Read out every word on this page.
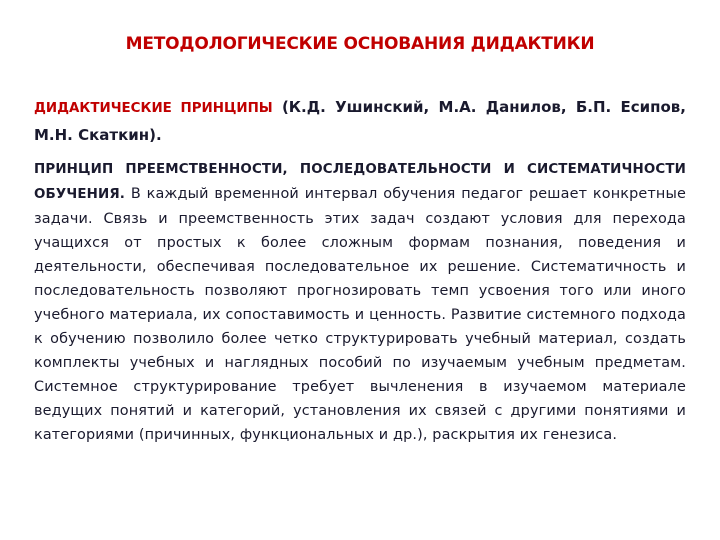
МЕТОДОЛОГИЧЕСКИЕ ОСНОВАНИЯ ДИДАКТИКИ

ДИДАКТИЧЕСКИЕ ПРИНЦИПЫ (К.Д. Ушинский, М.А. Данилов, Б.П. Есипов, М.Н. Скаткин).

ПРИНЦИП ПРЕЕМСТВЕННОСТИ, ПОСЛЕДОВАТЕЛЬНОСТИ И СИСТЕМАТИЧНОСТИ ОБУЧЕНИЯ. В каждый временной интервал обучения педагог решает конкретные задачи. Связь и преемственность этих задач создают условия для перехода учащихся от простых к более сложным формам познания, поведения и деятельности, обеспечивая последовательное их решение. Систематичность и последовательность позволяют прогнозировать темп усвоения того или иного учебного материала, их сопоставимость и ценность. Развитие системного подхода к обучению позволило более четко структурировать учебный материал, создать комплекты учебных и наглядных пособий по изучаемым учебным предметам. Системное структурирование требует вычленения в изучаемом материале ведущих понятий и категорий, установления их связей с другими понятиями и категориями (причинных, функциональных и др.), раскрытия их генезиса.
